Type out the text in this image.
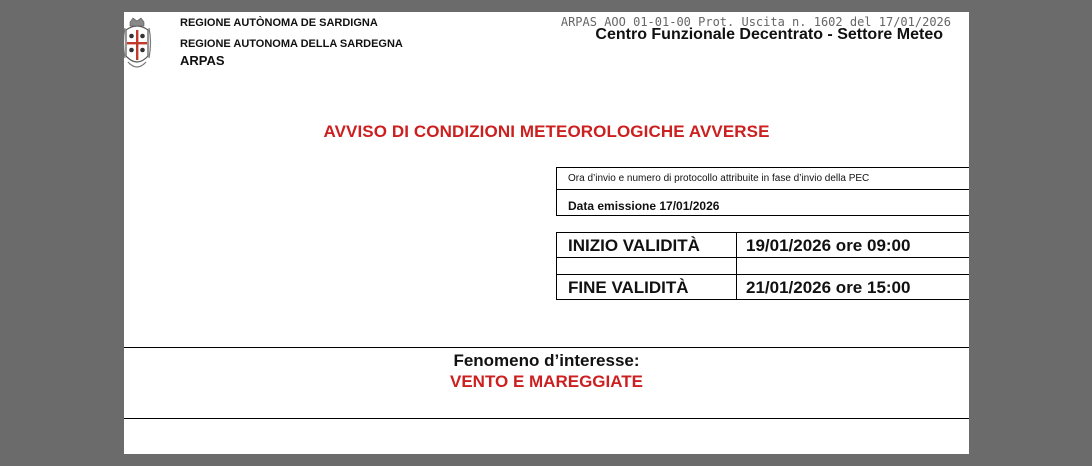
REGIONE AUTÒNOMA DE SARDIGNA
REGIONE AUTONOMA DELLA SARDEGNA
ARPAS
ARPAS AOO 01-01-00 Prot. Uscita n. 1602 del 17/01/2026
Centro Funzionale Decentrato - Settore Meteo
AVVISO DI CONDIZIONI METEOROLOGICHE AVVERSE
Ora d’invio e numero di protocollo attribuite in fase d’invio della PEC
Data emissione 17/01/2026
INIZIO VALIDITÀ	19/01/2026 ore 09:00
FINE VALIDITÀ	21/01/2026 ore 15:00
Fenomeno d’interesse:
VENTO E MAREGGIATE
